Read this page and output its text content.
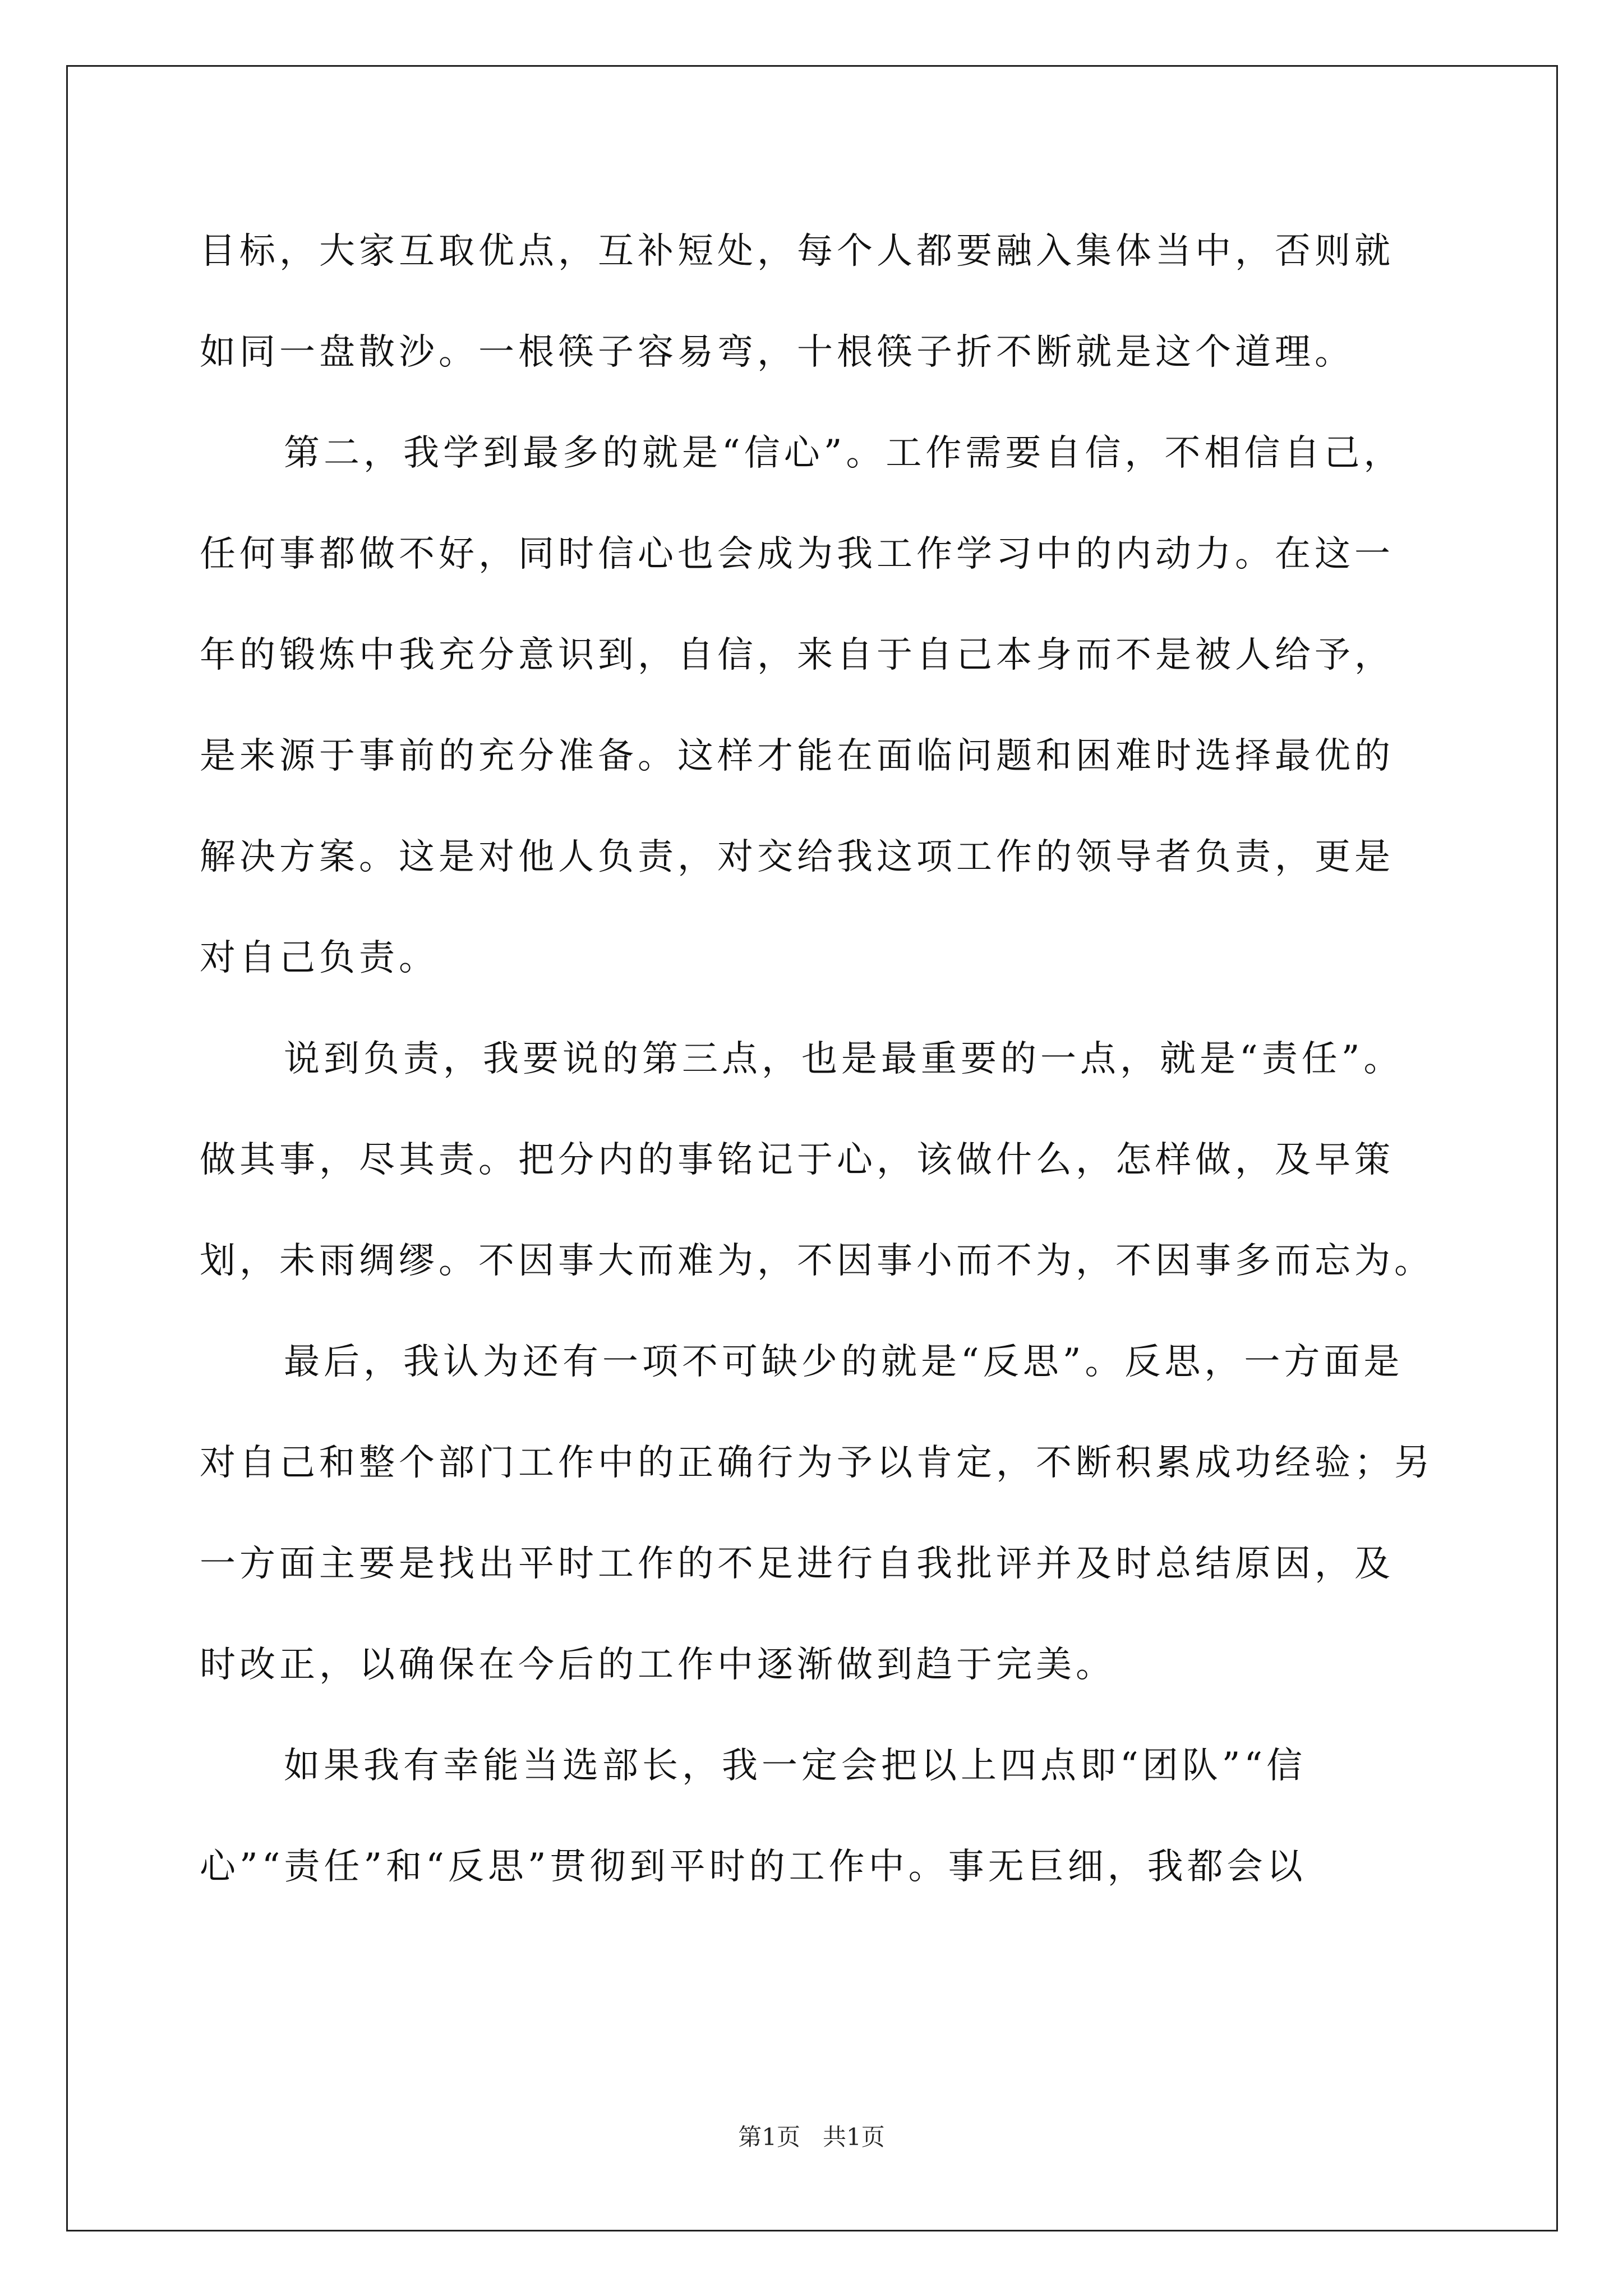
目标，大家互取优点，互补短处，每个人都要融入集体当中，否则就
如同一盘散沙。一根筷子容易弯，十根筷子折不断就是这个道理。
第二，我学到最多的就是“信心”。工作需要自信，不相信自己，
任何事都做不好，同时信心也会成为我工作学习中的内动力。在这一
年的锻炼中我充分意识到，自信，来自于自己本身而不是被人给予，
是来源于事前的充分准备。这样才能在面临问题和困难时选择最优的
解决方案。这是对他人负责，对交给我这项工作的领导者负责，更是
对自己负责。
说到负责，我要说的第三点，也是最重要的一点，就是“责任”。
做其事，尽其责。把分内的事铭记于心，该做什么，怎样做，及早策
划，未雨绸缪。不因事大而难为，不因事小而不为，不因事多而忘为。
最后，我认为还有一项不可缺少的就是“反思”。反思，一方面是
对自己和整个部门工作中的正确行为予以肯定，不断积累成功经验；另
一方面主要是找出平时工作的不足进行自我批评并及时总结原因，及
时改正，以确保在今后的工作中逐渐做到趋于完美。
如果我有幸能当选部长，我一定会把以上四点即“团队”“信
心”“责任”和“反思”贯彻到平时的工作中。事无巨细，我都会以
第1页   共1页
